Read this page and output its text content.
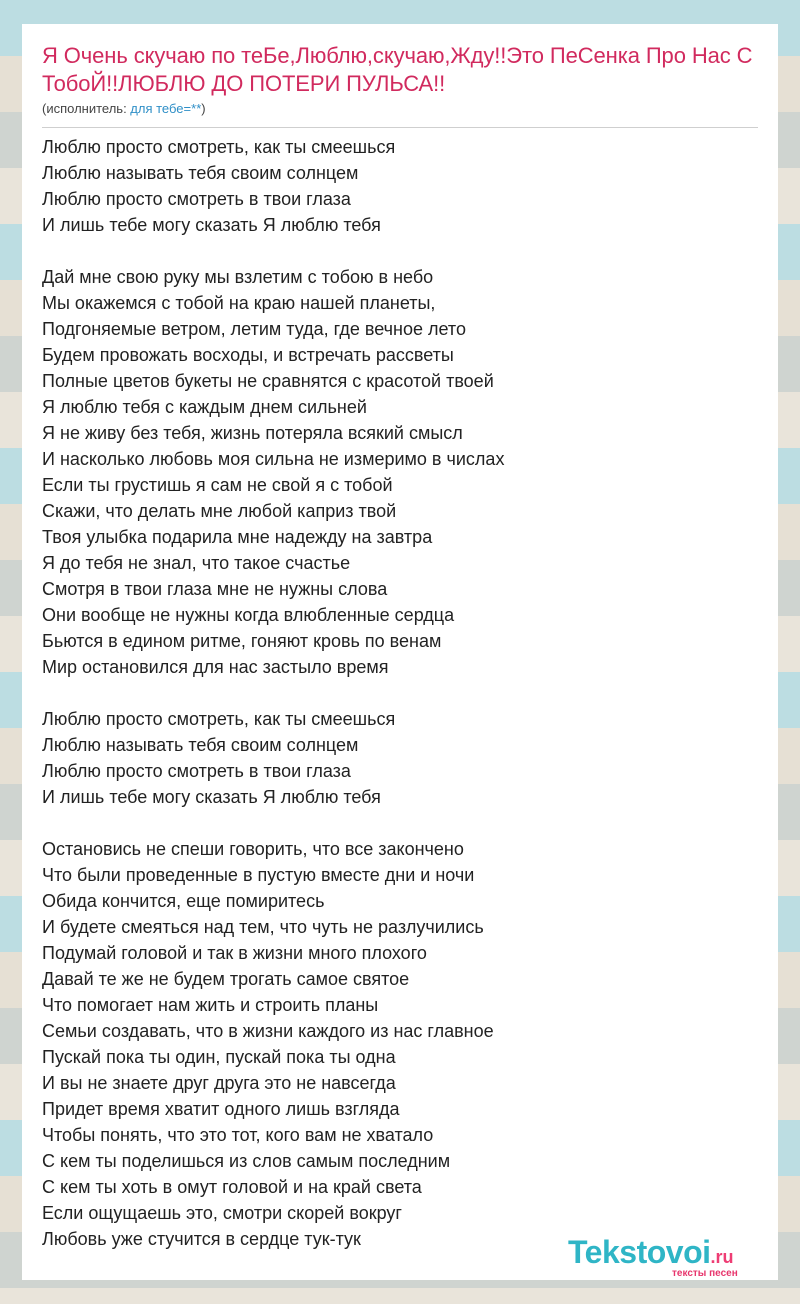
Я Очень скучаю по теБе,Люблю,скучаю,Жду!!Это ПеСенка Про Нас С ТобоЙ!!ЛЮБЛЮ ДО ПОТЕРИ ПУЛЬСА!!
(исполнитель: для тебе=**)
Люблю просто смотреть, как ты смеешься
Люблю называть тебя своим солнцем
Люблю просто смотреть в твои глаза
И лишь тебе могу сказать Я люблю тебя
Дай мне свою руку мы взлетим с тобою в небо
Мы окажемся с тобой на краю нашей планеты,
Подгоняемые ветром, летим туда, где вечное лето
Будем провожать восходы, и встречать рассветы
Полные цветов букеты не сравнятся с красотой твоей
Я люблю тебя с каждым днем сильней
Я не живу без тебя, жизнь потеряла всякий смысл
И насколько любовь моя сильна не измеримо в числах
Если ты грустишь я сам не свой я с тобой
Скажи, что делать мне любой каприз твой
Твоя улыбка подарила мне надежду на завтра
Я до тебя не знал, что такое счастье
Смотря в твои глаза мне не нужны слова
Они вообще не нужны когда влюбленные сердца
Бьются в едином ритме, гоняют кровь по венам
Мир остановился для нас застыло время
Люблю просто смотреть, как ты смеешься
Люблю называть тебя своим солнцем
Люблю просто смотреть в твои глаза
И лишь тебе могу сказать Я люблю тебя
Остановись не спеши говорить, что все закончено
Что были проведенные в пустую вместе дни и ночи
Обида кончится, еще помиритесь
И будете смеяться над тем, что чуть не разлучились
Подумай головой и так в жизни много плохого
Давай те же не будем трогать самое святое
Что помогает нам жить и строить планы
Семьи создавать, что в жизни каждого из нас главное
Пускай пока ты один, пускай пока ты одна
И вы не знаете друг друга это не навсегда
Придет время хватит одного лишь взгляда
Чтобы понять, что это тот, кого вам не хватало
С кем ты поделишься из слов самым последним
С кем ты хоть в омут головой и на край света
Если ощущаешь это, смотри скорей вокруг
Любовь уже стучится в сердце тук-тук	Tekstovoi.ru
тексты песен
